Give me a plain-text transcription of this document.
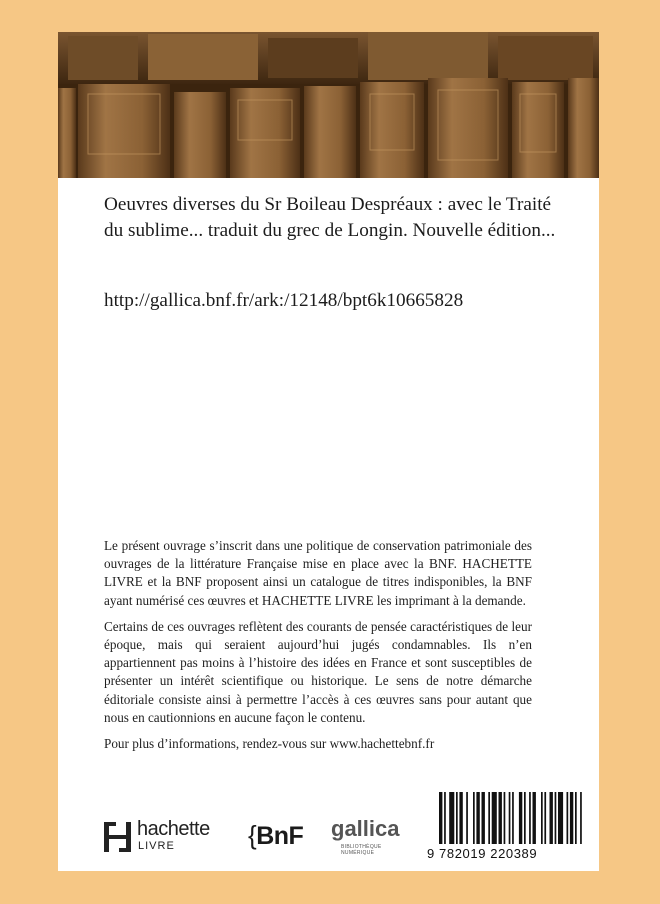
Oeuvres diverses du Sr Boileau Despréaux : avec le Traité du sublime... traduit du grec de Longin. Nouvelle édition...
http://gallica.bnf.fr/ark:/12148/bpt6k10665828

Le présent ouvrage s’inscrit dans une politique de conservation patrimoniale des ouvrages de la littérature Française mise en place avec la BNF. HACHETTE LIVRE et la BNF proposent ainsi un catalogue de titres indisponibles, la BNF ayant numérisé ces œuvres et HACHETTE LIVRE les imprimant à la demande.

Certains de ces ouvrages reflètent des courants de pensée caractéristiques de leur époque, mais qui seraient aujourd’hui jugés condamnables. Ils n’en appartiennent pas moins à l’histoire des idées en France et sont susceptibles de présenter un intérêt scientifique ou historique. Le sens de notre démarche éditoriale consiste ainsi à permettre l’accès à ces œuvres sans pour autant que nous en cautionnions en aucune façon le contenu.

Pour plus d’informations, rendez-vous sur www.hachettebnf.fr

hachette
LIVRE	{BnF gallica
BIBLIOTHÈQUE
NUMÉRIQUE	9 782019 220389
